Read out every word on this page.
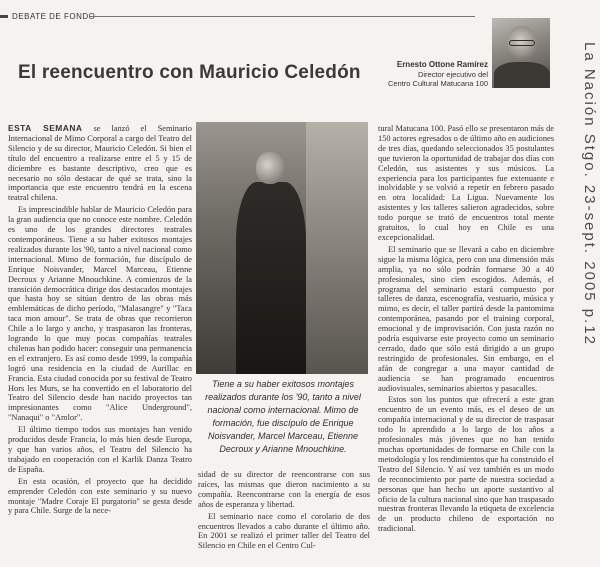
DEBATE DE FONDO
El reencuentro con Mauricio Celedón	Ernesto Ottone Ramírez
Director ejecutivo del
Centro Cultural Matucana 100

ESTA SEMANA se lanzó el Seminario Internacional de Mimo Corporal a cargo del Teatro del Silencio y de su director, Mauricio Celedón. Si bien el título del encuentro a realizarse entre el 5 y 15 de diciembre es bastante descriptivo, creo que es necesario no sólo destacar de qué se trata, sino la importancia que este encuentro tendrá en la escena teatral chilena.

Es imprescindible hablar de Mauricio Celedón para la gran audiencia que no conoce este nombre. Celedón es uno de los grandes directores teatrales contemporáneos. Tiene a su haber exitosos montajes realizados durante los '90, tanto a nivel nacional como internacional. Mimo de formación, fue discípulo de Enrique Noisvander, Marcel Marceau, Etienne Decroux y Arianne Mnouchkine. A comienzos de la transición democrática dirige dos destacados montajes que hasta hoy se sitúan dentro de las obras más emblemáticas de dicho período, "Malasangre" y "Taca taca mon amour". Se trata de obras que recorrieron Chile a lo largo y ancho, y traspasaron las fronteras, logrando lo que muy pocas compañías teatrales chilenas han podido hacer: conseguir una permanencia en el extranjero. Es así como desde 1999, la compañía logró una residencia en la ciudad de Aurillac en Francia. Esta ciudad conocida por su festival de Teatro Hors les Murs, se ha convertido en el laboratorio del Teatro del Silencio desde han nacido proyectos tan impresionantes como "Alice Underground", "Nanaqui" o "Amlor".

El último tiempo todos sus montajes han venido producidos desde Francia, lo más bien desde Europa, y que han varios años, el Teatro del Silencio ha trabajado en cooperación con el Karlik Danza Teatro de España.

En esta ocasión, el proyecto que ha decidido emprender Celedón con este seminario y su nuevo montaje "Madre Coraje El purgatorio" se gesta desde y para Chile. Surge de la nece-

Tiene a su haber exitosos montajes realizados durante los '90, tanto a nivel nacional como internacional. Mimo de formación, fue discípulo de Enrique Noisvander, Marcel Marceau, Etienne Decroux y Arianne Mnouchkine.

sidad de su director de reencontrarse con sus raíces, las mismas que dieron nacimiento a su compañía. Reencontrarse con la energía de esos años de esperanza y libertad.

El seminario nace como el corolario de dos encuentros llevados a cabo durante el último año. En 2001 se realizó el primer taller del Teatro del Silencio en Chile en el Centro Cul-

tural Matucana 100. Pasó ello se presentaron más de 150 actores egresados o de último año en audiciones de tres días, quedando seleccionados 35 postulantes que tuvieron la oportunidad de trabajar dos días con Celedón, sus asistentes y sus músicos. La experiencia para los participantes fue extenuante e inolvidable y se volvió a repetir en febrero pasado en otra localidad: La Ligua. Nuevamente los asistentes y los talleres salieron agradecidos, sobre todo porque se trató de encuentros total mente gratuitos, lo cual hoy en Chile es una excepcionalidad.

El seminario que se llevará a cabo en diciembre sigue la misma lógica, pero con una dimensión más amplia, ya no sólo podrán formarse 30 a 40 profesionales, sino cien escogidos. Además, el programa del seminario estará compuesto por talleres de danza, escenografía, vestuario, música y mimo, es decir, el taller partirá desde la pantomima contemporánea, pasando por el training corporal, emocional y de improvisación. Con justa razón no podría esquivarse este proyecto como un seminario cerrado, dado que sólo está dirigido a un grupo restringido de profesionales. Sin embargo, en el afán de congregar a una mayor cantidad de audiencia se han programado encuentros audiovisuales, seminarios abiertos y pasacalles.

Estos son los puntos que ofrecerá a este gran encuentro de un evento más, es el deseo de un compañía internacional y de su director de traspasar todo lo aprendido a lo largo de los años a profesionales más jóvenes que no han tenido muchas oportunidades de formarse en Chile con la metodología y los rendimientos que ha construido el Teatro del Silencio. Y así vez también es un modo de reconocimiento por parte de nuestra sociedad a personas que han hecho un aporte sustantivo al oficio de la cultura nacional sino que han traspasado nuestras fronteras llevando la etiqueta de excelencia de un producto chileno de exportación no tradicional.

La Nación Stgo. 23-sept. 2005 p.12
